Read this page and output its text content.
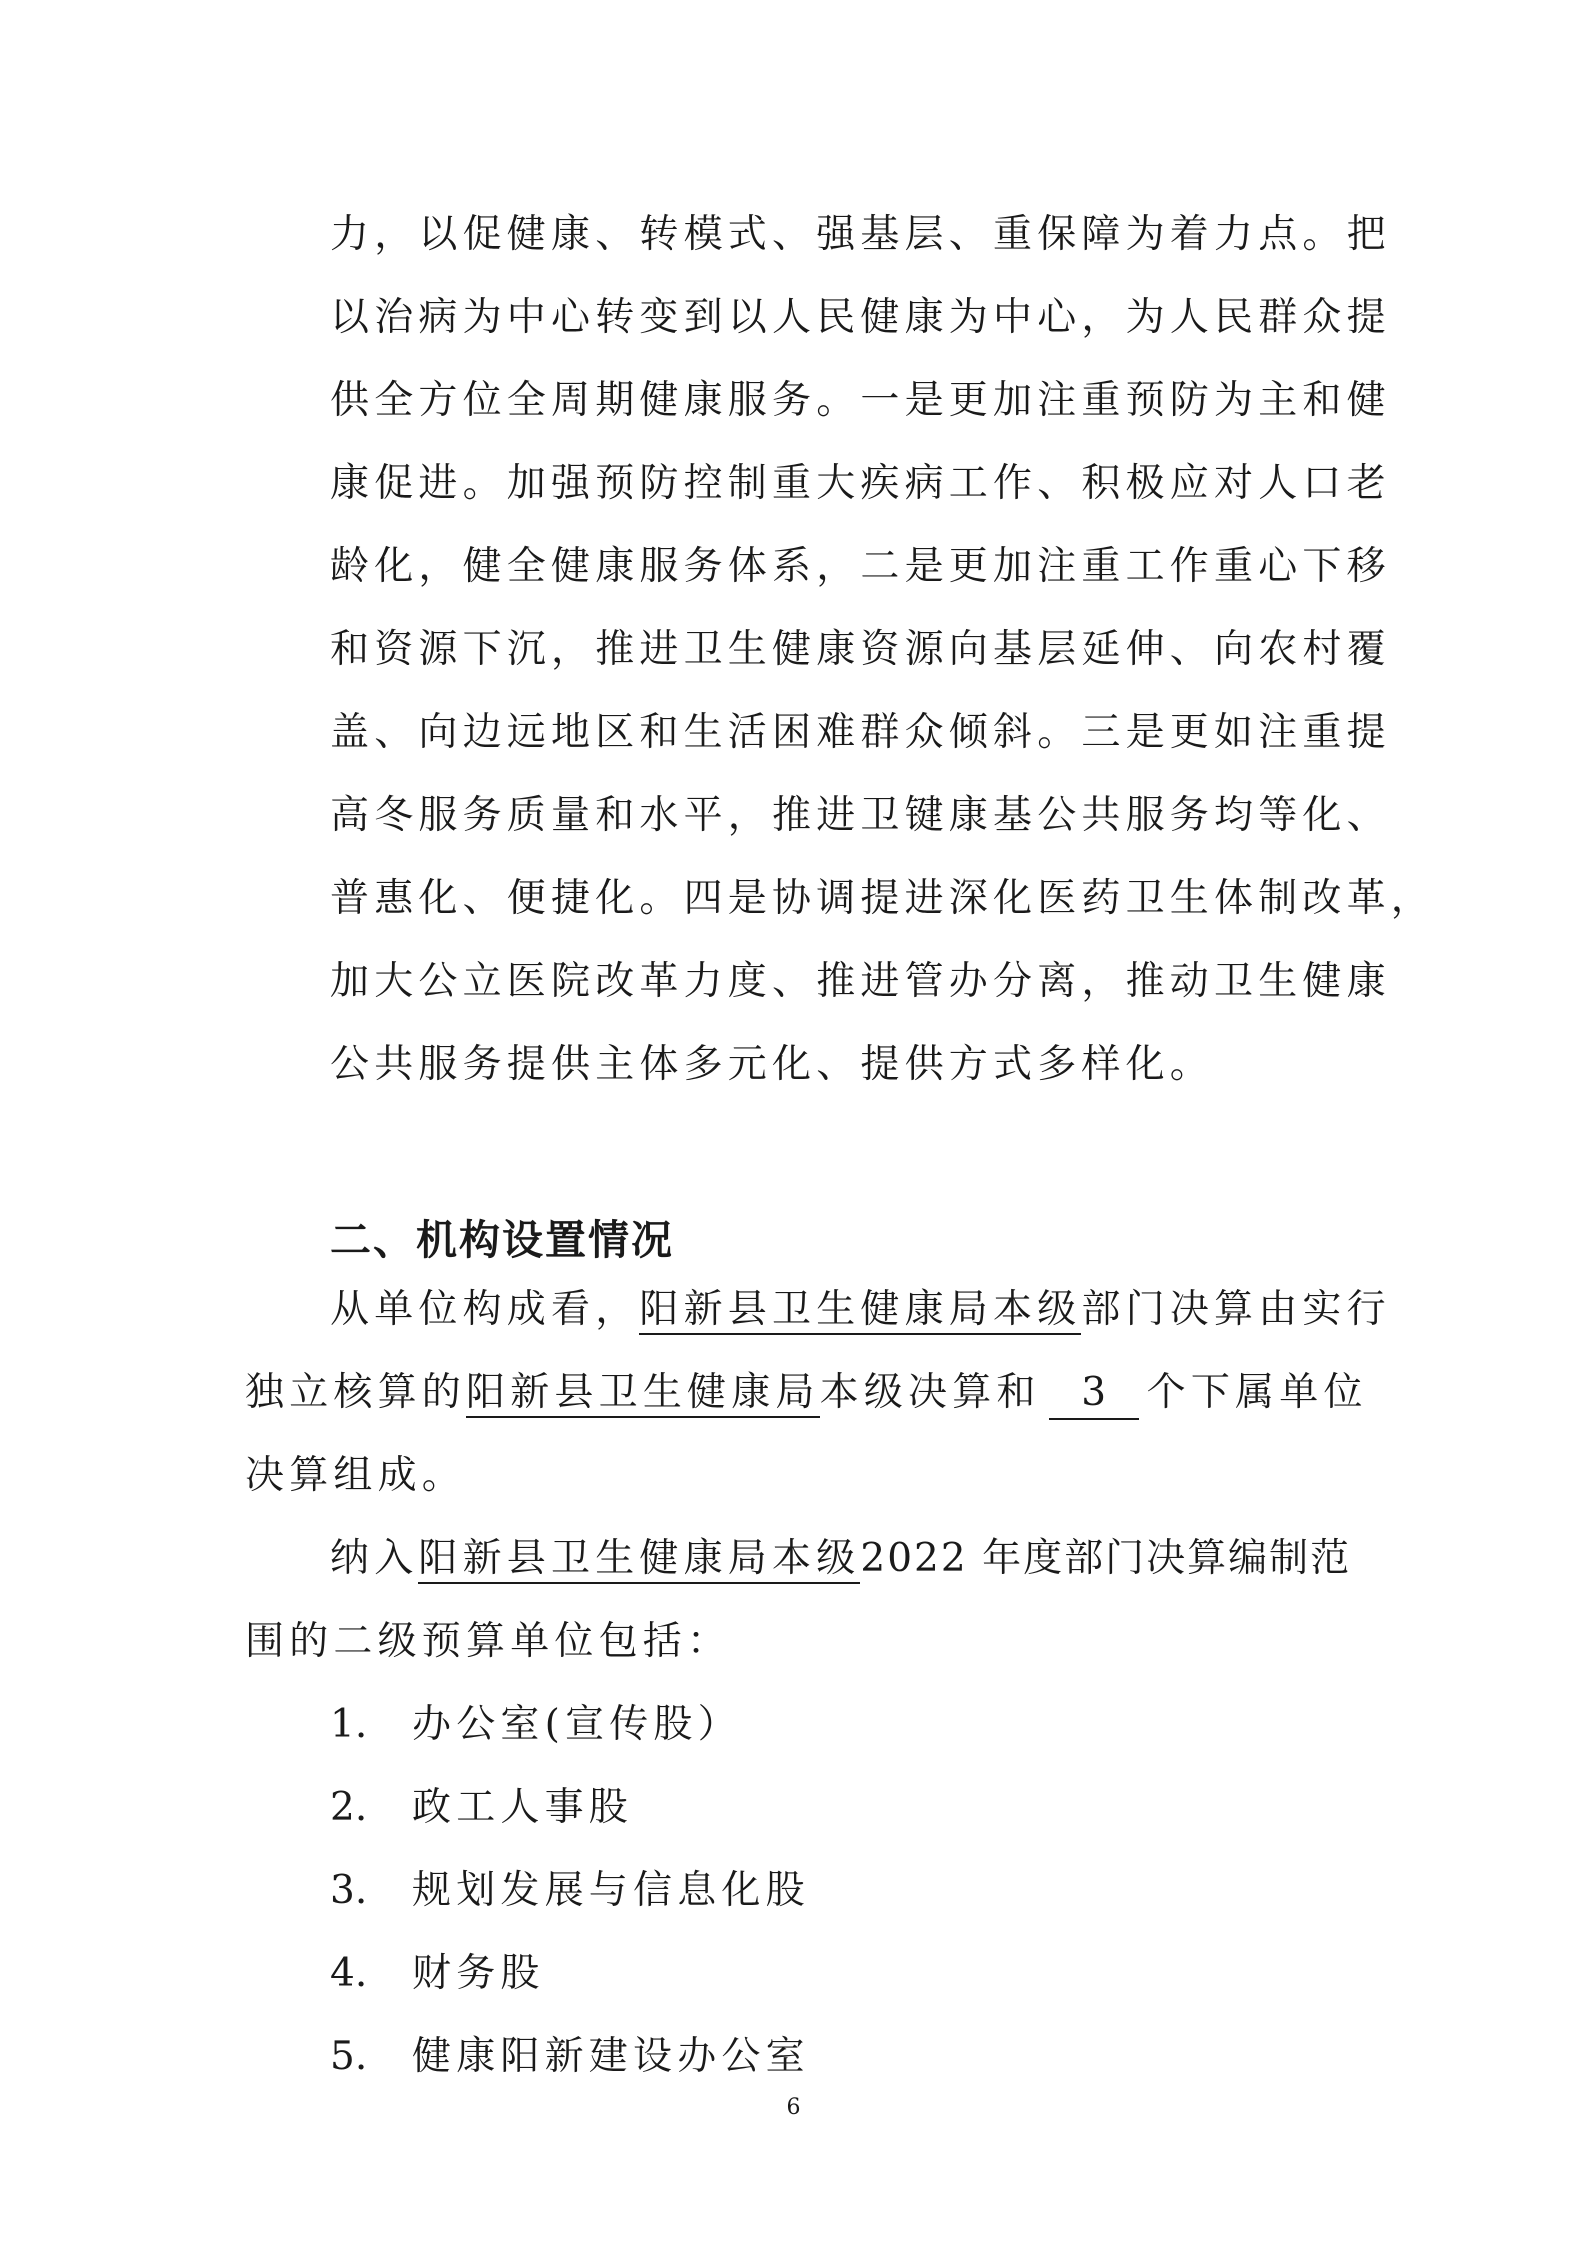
力，以促健康、转模式、强基层、重保障为着力点。把
以治病为中心转变到以人民健康为中心，为人民群众提
供全方位全周期健康服务。一是更加注重预防为主和健
康促进。加强预防控制重大疾病工作、积极应对人口老
龄化，健全健康服务体系，二是更加注重工作重心下移
和资源下沉，推进卫生健康资源向基层延伸、向农村覆
盖、向边远地区和生活困难群众倾斜。三是更如注重提
高冬服务质量和水平，推进卫键康基公共服务均等化、
普惠化、便捷化。四是协调提进深化医药卫生体制改革，
加大公立医院改革力度、推进管办分离，推动卫生健康
公共服务提供主体多元化、提供方式多样化。
二、机构设置情况
从单位构成看，阳新县卫生健康局本级部门决算由实行
独立核算的阳新县卫生健康局本级决算和 3 个下属单位
决算组成。
纳入阳新县卫生健康局本级2022 年度部门决算编制范
围的二级预算单位包括：
1. 办公室(宣传股）
2. 政工人事股
3. 规划发展与信息化股
4. 财务股
5. 健康阳新建设办公室
6
